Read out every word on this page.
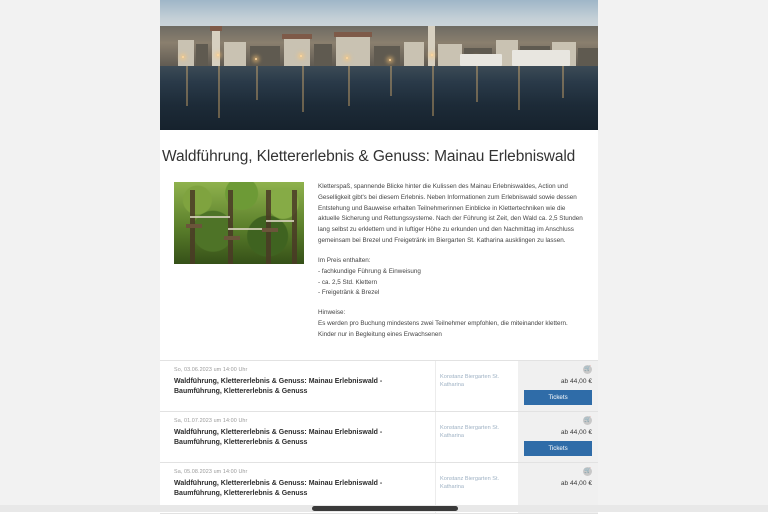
Waldführung, Klettererlebnis & Genuss: Mainau Erlebniswald

Kletterspaß, spannende Blicke hinter die Kulissen des Mainau Erlebniswaldes, Action und Geselligkeit gibt's bei diesem Erlebnis. Neben Informationen zum Erlebniswald sowie dessen Entstehung und Bauweise erhalten Teilnehmerinnen Einblicke in Klettertechniken wie die aktuelle Sicherung und Rettungssysteme. Nach der Führung ist Zeit, den Wald ca. 2,5 Stunden lang selbst zu erklettern und in luftiger Höhe zu erkunden und den Nachmittag im Anschluss gemeinsam bei Brezel und Freigetränk im Biergarten St. Katharina ausklingen zu lassen.

Im Preis enthalten:
- fachkundige Führung & Einweisung
- ca. 2,5 Std. Klettern
- Freigetränk & Brezel

Hinweise:
Es werden pro Buchung mindestens zwei Teilnehmer empfohlen, die miteinander klettern.
Kinder nur in Begleitung eines Erwachsenen

So, 03.06.2023 um 14:00 Uhr
Waldführung, Klettererlebnis & Genuss: Mainau Erlebniswald - Baumführung, Klettererlebnis & Genuss
Konstanz Biergarten St. Katharina
🛒
ab 44,00 €
Tickets
Sa, 01.07.2023 um 14:00 Uhr
Waldführung, Klettererlebnis & Genuss: Mainau Erlebniswald - Baumführung, Klettererlebnis & Genuss
Konstanz Biergarten St. Katharina
🛒
ab 44,00 €
Tickets
Sa, 05.08.2023 um 14:00 Uhr
Waldführung, Klettererlebnis & Genuss: Mainau Erlebniswald - Baumführung, Klettererlebnis & Genuss
Konstanz Biergarten St. Katharina
🛒
ab 44,00 €
